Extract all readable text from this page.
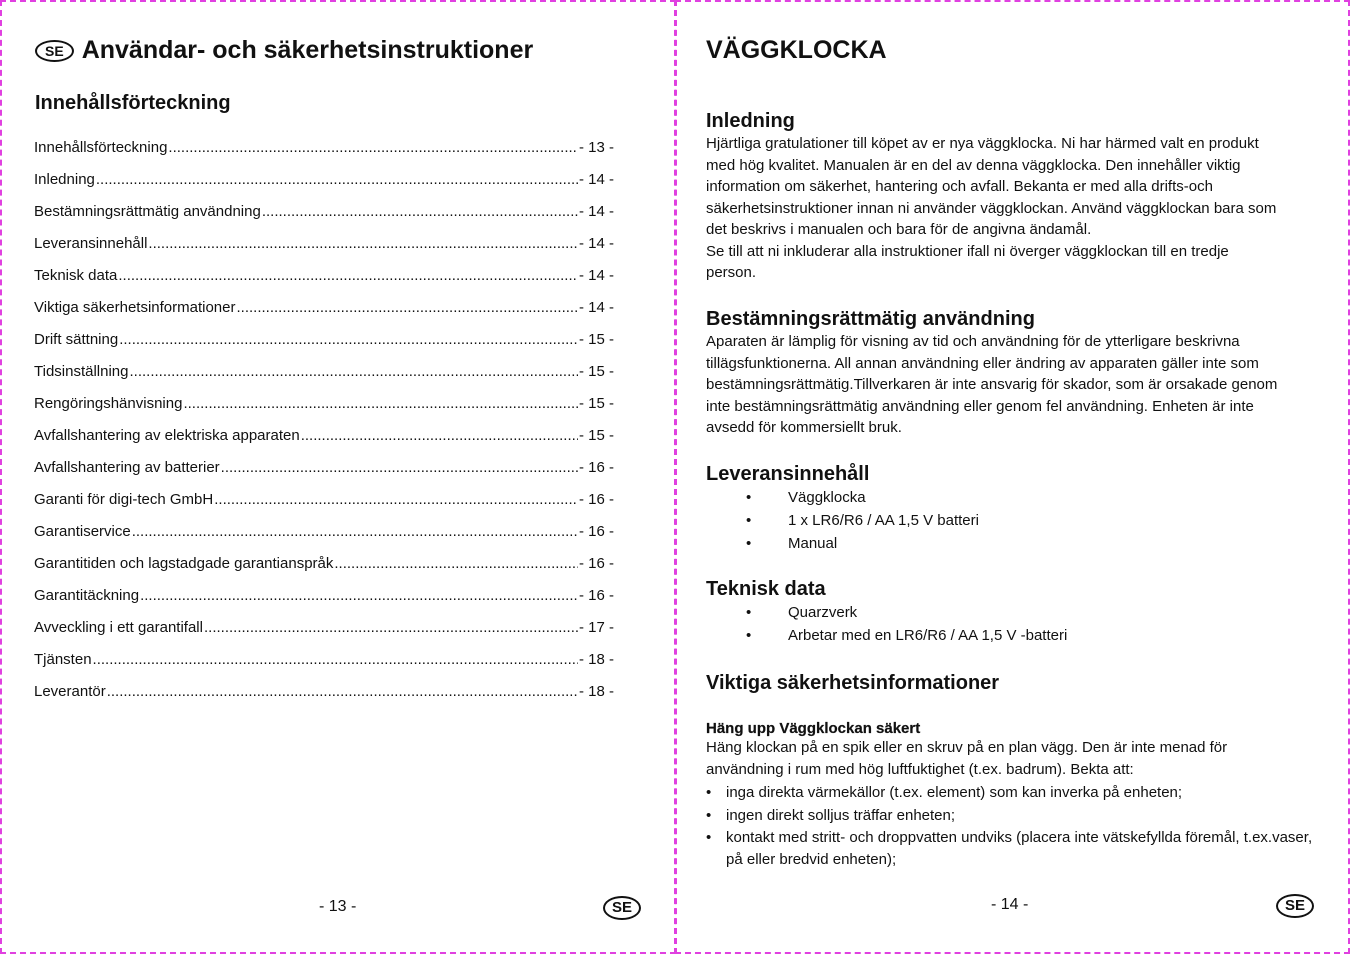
SE Användar- och säkerhetsinstruktioner
Innehållsförteckning
Innehållsförteckning .....	- 13 -
Inledning .....	- 14 -
Bestämningsrättmätig användning .....	- 14 -
Leveransinnehåll .....	- 14 -
Teknisk data .....	- 14 -
Viktiga säkerhetsinformationer .....	- 14 -
Drift sättning .....	- 15 -
Tidsinställning .....	- 15 -
Rengöringshänvisning .....	- 15 -
Avfallshantering av elektriska apparaten .....	- 15 -
Avfallshantering av batterier .....	- 16 -
Garanti för digi-tech GmbH .....	- 16 -
Garantiservice .....	- 16 -
Garantitiden och lagstadgade garantianspråk .....	- 16 -
Garantitäckning .....	- 16 -
Avveckling i ett garantifall .....	- 17 -
Tjänsten .....	- 18 -
Leverantör .....	- 18 -
- 13 -	SE
VÄGGKLOCKA
Inledning
Hjärtliga gratulationer till köpet av er nya väggklocka. Ni har härmed valt en produkt
med hög kvalitet. Manualen är en del av denna väggklocka. Den innehåller viktig
information om säkerhet, hantering och avfall. Bekanta er med alla drifts-och
säkerhetsinstruktioner innan ni använder väggklockan. Använd väggklockan bara som
det beskrivs i manualen och bara för de angivna ändamål.
Se till att ni inkluderar alla instruktioner ifall ni överger väggklockan till en tredje
person.
Bestämningsrättmätig användning
Aparaten är lämplig för visning av tid och användning för de ytterligare beskrivna
tillägsfunktionerna. All annan användning eller ändring av apparaten gäller inte som
bestämningsrättmätig.Tillverkaren är inte ansvarig för skador, som är orsakade genom
inte bestämningsrättmätig användning eller genom fel användning. Enheten är inte
avsedd för kommersiellt bruk.
Leveransinnehåll
•	Väggklocka
•	1 x LR6/R6 / AA 1,5 V batteri
•	Manual
Teknisk data
•	Quarzverk
•	Arbetar med en LR6/R6 / AA 1,5 V -batteri
Viktiga säkerhetsinformationer
Häng upp Väggklockan säkert
Häng klockan på en spik eller en skruv på en plan vägg. Den är inte menad för
användning i rum med hög luftfuktighet (t.ex. badrum). Bekta att:
• inga direkta värmekällor (t.ex. element) som kan inverka på enheten;
• ingen direkt solljus träffar enheten;
• kontakt med stritt- och droppvatten undviks (placera inte vätskefyllda föremål, t.ex.vaser, på eller bredvid enheten);
- 14 -	SE
